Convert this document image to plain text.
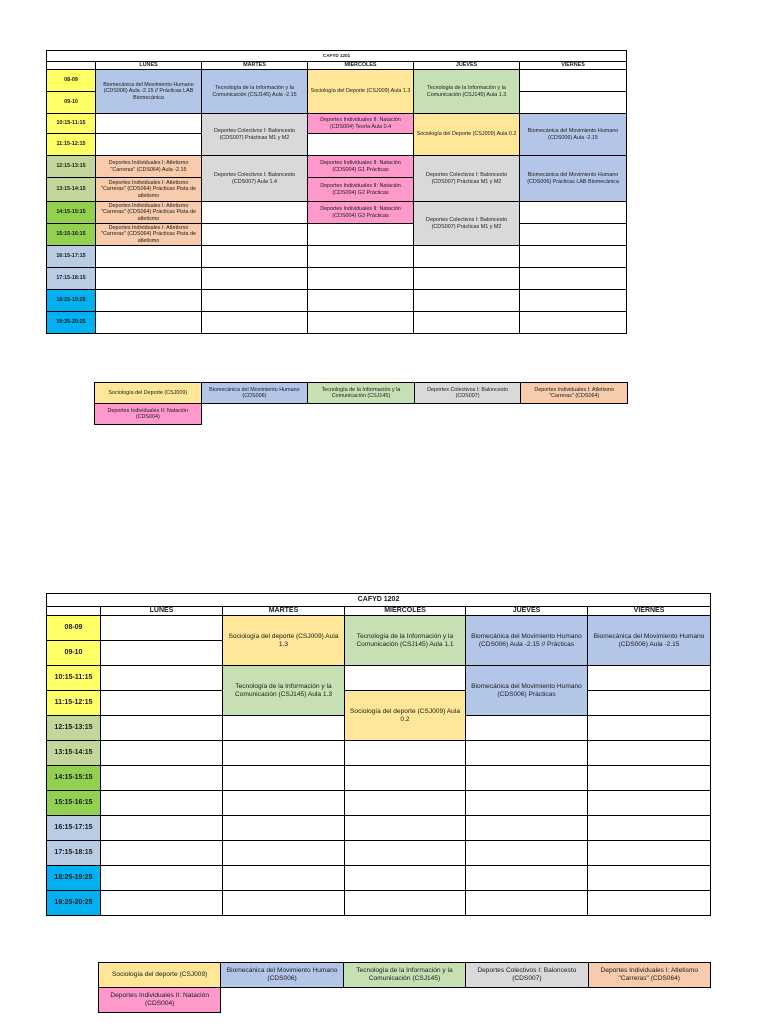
CAFYD 1201					
	LUNES	MARTES	MIÉRCOLES	JUEVES	VIERNES
08-09	Biomecánica del Movimiento Humano (CDS006) Aula -2.15 // Prácticas LAB Biomecánica	Tecnología de la Información y la Comunicación (CSJ145) Aula -2.15	Sociología del Deporte (CSJ009) Aula 1.3	Tecnología de la Información y la Comunicación (CSJ145) Aula 1.3	
09-10					
10:15-11:15		Deportes Colectivos I: Baloncesto (CDS007) Prácticas M1 y M2	Deportes Individuales II: Natación (CDS004) Teoría Aula 0.4	Sociología del Deporte (CSJ009) Aula 0.2	Biomecánica del Movimiento Humano (CDS006) Aula -2.15
11:15-12:15					
12:15-13:15	Deportes Individuales I: Atletismo "Carreras" (CDS064) Aula -2.15	Deportes Colectivos I: Baloncesto (CDS007) Aula 1.4	Deportes Individuales II: Natación (CDS004) G1 Prácticas	Deportes Colectivos I: Baloncesto (CDS007) Prácticas M1 y M2	Biomecánica del Movimiento Humano (CDS006) Prácticas LAB Biomecánica
13:15-14:15	Deportes Individuales I: Atletismo "Carreras" (CDS064) Prácticas Pista de atletismo		Deportes Individuales II: Natación (CDS004) G2 Prácticas		
14:15-15:15	Deportes Individuales I: Atletismo "Carreras" (CDS064) Prácticas Pista de atletismo		Deportes Individuales II: Natación (CDS004) G3 Prácticas	Deportes Colectivos I: Baloncesto (CDS007) Prácticas M1 y M2	
15:15-16:15	Deportes Individuales I: Atletismo "Carreras" (CDS064) Prácticas Pista de atletismo				
16:15-17:15					
17:15-18:15					
18:25-19:25					
19:25-20:25					
Sociología del Deporte (CSJ009)	Biomecánica del Movimiento Humano (CDS006)	Tecnología de la Información y la Comunicación (CSJ145)	Deportes Colectivos I: Baloncesto (CDS007)	Deportes Individuales I: Atletismo "Carreras" (CDS064)
Deportes Individuales II: Natación (CDS004)				
CAFYD 1202					
	LUNES	MARTES	MIÉRCOLES	JUEVES	VIERNES
08-09		Sociología del deporte (CSJ009) Aula 1.3	Tecnología de la Información y la Comunicación (CSJ145) Aula 1.1	Biomecánica del Movimiento Humano (CDS006) Aula -2.15 // Prácticas	Biomecánica del Movimiento Humano (CDS006) Aula -2.15
09-10					
10:15-11:15		Tecnología de la Información y la Comunicación (CSJ145) Aula 1.3		Biomecánica del Movimiento Humano (CDS006) Prácticas	
11:15-12:15			Sociología del deporte (CSJ009) Aula 0.2		
12:15-13:15					
13:15-14:15					
14:15-15:15					
15:15-16:15					
16:15-17:15					
17:15-18:15					
18:25-19:25					
19:25-20:25					
Sociología del deporte (CSJ009)	Biomecánica del Movimiento Humano (CDS006)	Tecnología de la Información y la Comunicación (CSJ145)	Deportes Colectivos I: Baloncesto (CDS007)	Deportes Individuales I: Atletismo "Carreras" (CDS064)
Deportes Individuales II: Natación (CDS004)				
